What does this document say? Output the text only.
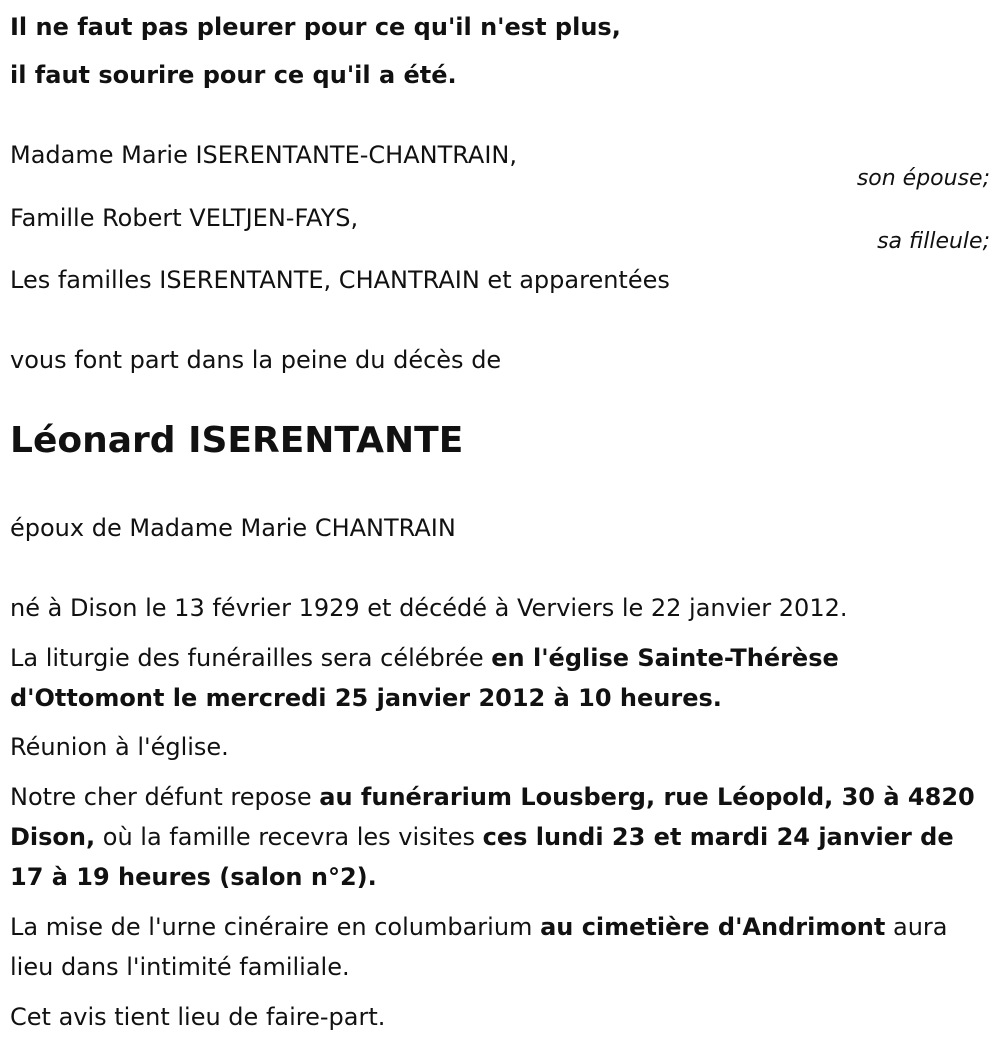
Il ne faut pas pleurer pour ce qu'il n'est plus,
il faut sourire pour ce qu'il a été.
Madame Marie ISERENTANTE-CHANTRAIN,
son épouse;
Famille Robert VELTJEN-FAYS,
sa filleule;
Les familles ISERENTANTE, CHANTRAIN et apparentées
vous font part dans la peine du décès de
Léonard ISERENTANTE
époux de Madame Marie CHANTRAIN
né à Dison le 13 février 1929 et décédé à Verviers le 22 janvier 2012.
La liturgie des funérailles sera célébrée en l'église Sainte-Thérèse d'Ottomont le mercredi 25 janvier 2012 à 10 heures.
Réunion à l'église.
Notre cher défunt repose au funérarium Lousberg, rue Léopold, 30 à 4820 Dison, où la famille recevra les visites ces lundi 23 et mardi 24 janvier de 17 à 19 heures (salon n°2).
La mise de l'urne cinéraire en columbarium au cimetière d'Andrimont aura lieu dans l'intimité familiale.
Cet avis tient lieu de faire-part.
